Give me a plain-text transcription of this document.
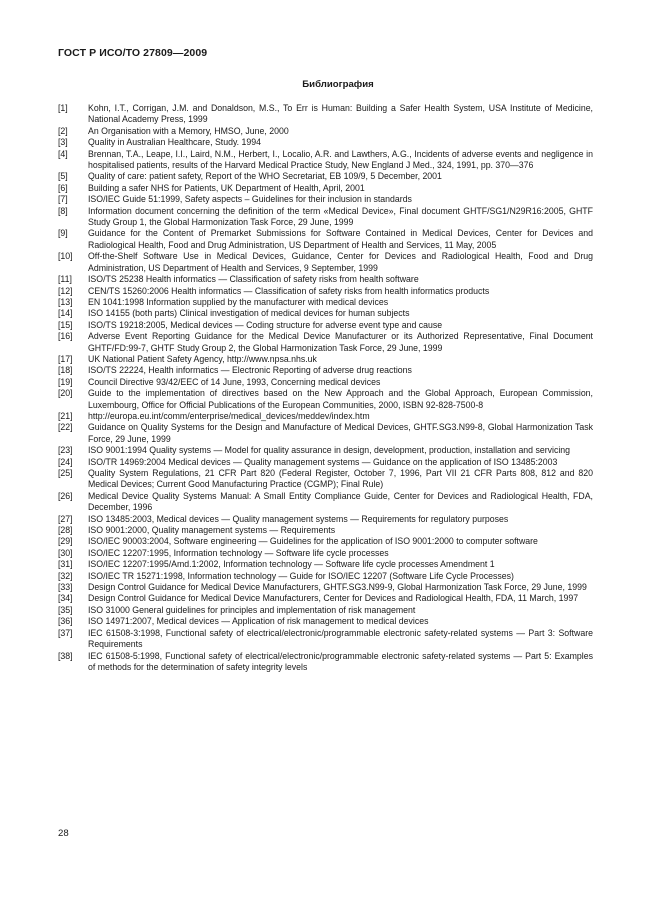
ГОСТ Р ИСО/ТО 27809—2009
Библиография
[1]	Kohn, I.T., Corrigan, J.M. and Donaldson, M.S., To Err is Human: Building a Safer Health System, USA Institute of Medicine, National Academy Press, 1999
[2]	An Organisation with a Memory, HMSO, June, 2000
[3]	Quality in Australian Healthcare, Study. 1994
[4]	Brennan, T.A., Leape, I.I., Laird, N.M., Herbert, I., Localio, A.R. and Lawthers, A.G., Incidents of adverse events and negligence in hospitalised patients, results of the Harvard Medical Practice Study, New England J Med., 324, 1991, pp. 370—376
[5]	Quality of care: patient safety, Report of the WHO Secretariat, EB 109/9, 5 December, 2001
[6]	Building a safer NHS for Patients, UK Department of Health, April, 2001
[7]	ISO/IEC Guide 51:1999, Safety aspects – Guidelines for their inclusion in standards
[8]	Information document concerning the definition of the term «Medical Device», Final document GHTF/SG1/N29R16:2005, GHTF Study Group 1, the Global Harmonization Task Force, 29 June, 1999
[9]	Guidance for the Content of Premarket Submissions for Software Contained in Medical Devices, Center for Devices and Radiological Health, Food and Drug Administration, US Department of Health and Services, 11 May, 2005
[10]	Off-the-Shelf Software Use in Medical Devices, Guidance, Center for Devices and Radiological Health, Food and Drug Administration, US Department of Health and Services, 9 September, 1999
[11]	ISO/TS 25238 Health informatics — Classification of safety risks from health software
[12]	CEN/TS 15260:2006 Health informatics — Classification of safety risks from health informatics products
[13]	EN 1041:1998 Information supplied by the manufacturer with medical devices
[14]	ISO 14155 (both parts) Clinical investigation of medical devices for human subjects
[15]	ISO/TS 19218:2005, Medical devices — Coding structure for adverse event type and cause
[16]	Adverse Event Reporting Guidance for the Medical Device Manufacturer or its Authorized Representative, Final Document GHTF/FD:99-7, GHTF Study Group 2, the Global Harmonization Task Force, 29 June, 1999
[17]	UK National Patient Safety Agency, http://www.npsa.nhs.uk
[18]	ISO/TS 22224, Health informatics — Electronic Reporting of adverse drug reactions
[19]	Council Directive 93/42/EEC of 14 June, 1993, Concerning medical devices
[20]	Guide to the implementation of directives based on the New Approach and the Global Approach, European Commission, Luxembourg, Office for Official Publications of the European Communities, 2000, ISBN 92-828-7500-8
[21]	http://europa.eu.int/comm/enterprise/medical_devices/meddev/index.htm
[22]	Guidance on Quality Systems for the Design and Manufacture of Medical Devices, GHTF.SG3.N99-8, Global Harmonization Task Force, 29 June, 1999
[23]	ISO 9001:1994 Quality systems — Model for quality assurance in design, development, production, installation and servicing
[24]	ISO/TR 14969:2004 Medical devices — Quality management systems — Guidance on the application of ISO 13485:2003
[25]	Quality System Regulations, 21 CFR Part 820 (Federal Register, October 7, 1996, Part VII 21 CFR Parts 808, 812 and 820 Medical Devices; Current Good Manufacturing Practice (CGMP); Final Rule)
[26]	Medical Device Quality Systems Manual: A Small Entity Compliance Guide, Center for Devices and Radiological Health, FDA, December, 1996
[27]	ISO 13485:2003, Medical devices — Quality management systems — Requirements for regulatory purposes
[28]	ISO 9001:2000, Quality management systems — Requirements
[29]	ISO/IEC 90003:2004, Software engineering — Guidelines for the application of ISO 9001:2000 to computer software
[30]	ISO/IEC 12207:1995, Information technology — Software life cycle processes
[31]	ISO/IEC 12207:1995/Amd.1:2002, Information technology — Software life cycle processes Amendment 1
[32]	ISO/IEC TR 15271:1998, Information technology — Guide for ISO/IEC 12207 (Software Life Cycle Processes)
[33]	Design Control Guidance for Medical Device Manufacturers, GHTF.SG3.N99-9, Global Harmonization Task Force, 29 June, 1999
[34]	Design Control Guidance for Medical Device Manufacturers, Center for Devices and Radiological Health, FDA, 11 March, 1997
[35]	ISO 31000 General guidelines for principles and implementation of risk management
[36]	ISO 14971:2007, Medical devices — Application of risk management to medical devices
[37]	IEC 61508-3:1998, Functional safety of electrical/electronic/programmable electronic safety-related systems — Part 3: Software Requirements
[38]	IEC 61508-5:1998, Functional safety of electrical/electronic/programmable electronic safety-related systems — Part 5: Examples of methods for the determination of safety integrity levels
28
